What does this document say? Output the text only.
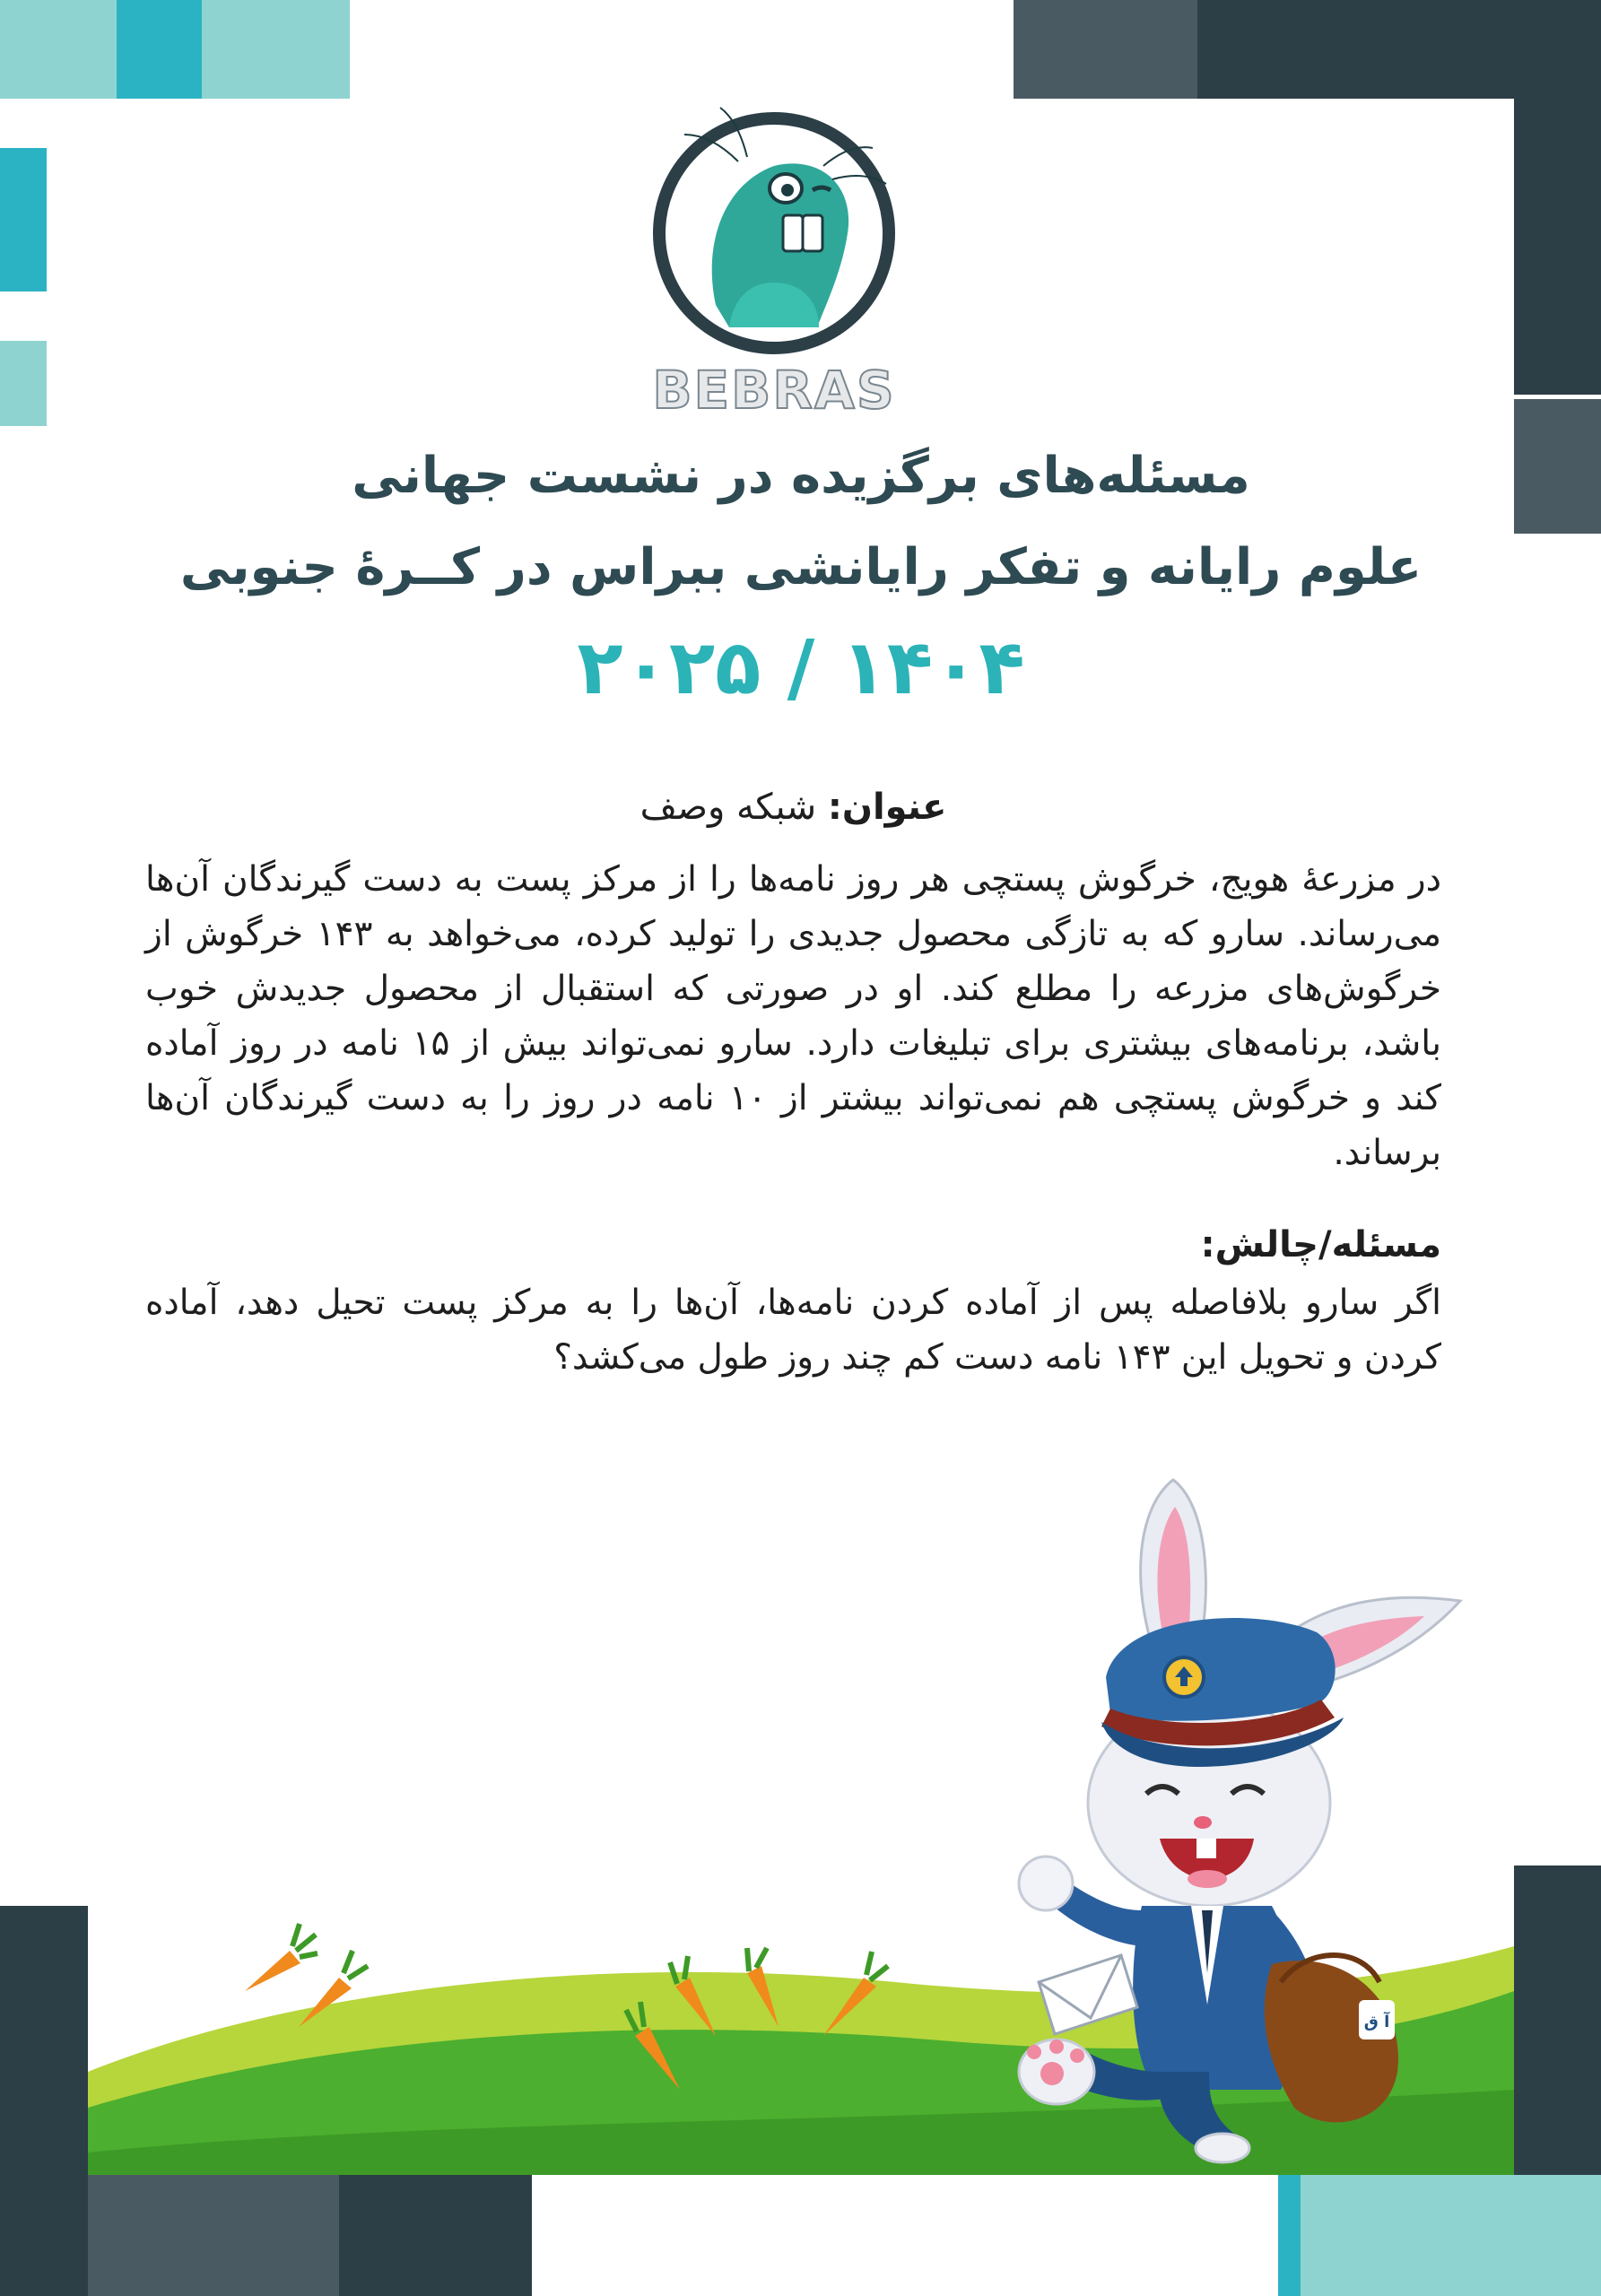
BEBRAS
مسئله‌های برگزیده در نشست جهانی
علوم رایانه و تفکر رایانشی ببراس در کــرهٔ جنوبی
۲۰۲۵ / ۱۴۰۴
عنوان: شبکه وصف
در مزرعهٔ هویج، خرگوش پستچی هر روز نامه‌ها را از مرکز پست به دست گیرندگان آن‌ها می‌رساند. سارو که به تازگی محصول جدیدی را تولید کرده، می‌خواهد به ۱۴۳ خرگوش از خرگوش‌های مزرعه را مطلع کند. او در صورتی که استقبال از محصول جدیدش خوب باشد، برنامه‌های بیشتری برای تبلیغات دارد. سارو نمی‌تواند بیش از ۱۵ نامه در روز آماده کند و خرگوش پستچی هم نمی‌تواند بیشتر از ۱۰ نامه در روز را به دست گیرندگان آن‌ها برساند.
مسئله/چالش:
اگر سارو بلافاصله پس از آماده کردن نامه‌ها، آن‌ها را به مرکز پست تحیل دهد، آماده کردن و تحویل این ۱۴۳ نامه دست کم چند روز طول می‌کشد؟
آ ق
